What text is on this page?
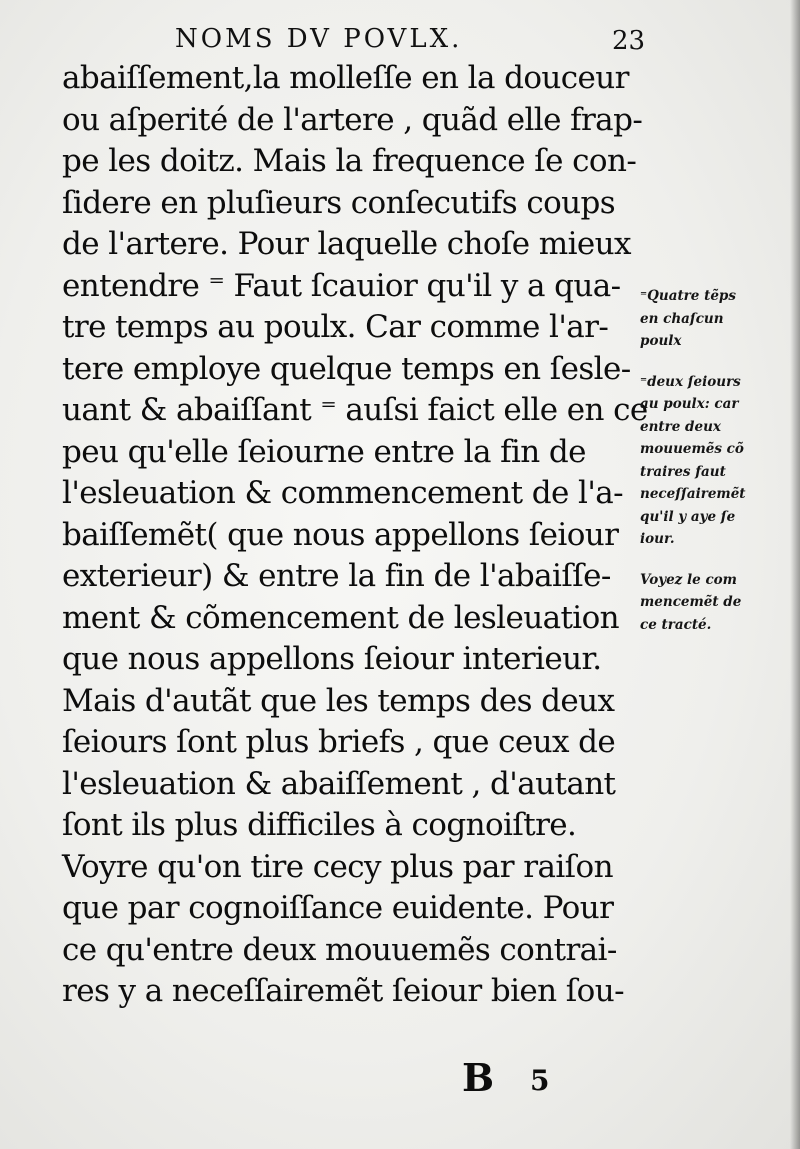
NOMS DV POVLX.	23
abaiſſement,la molleſſe en la douceur
ou aſperité de l'artere , quãd elle frap-
pe les doitz. Mais la frequence ſe con-
ſidere en pluſieurs conſecutifs coups
de l'artere. Pour laquelle choſe mieux
entendre ⁼ Faut ſcauior qu'il y a qua-
tre temps au poulx. Car comme l'ar-
tere employe quelque temps en ſesle-
uant & abaiſſant ⁼ auſsi faict elle en ce
peu qu'elle ſeiourne entre la fin de
l'esleuation & commencement de l'a-
baiſſemẽt( que nous appellons ſeiour
exterieur) & entre la fin de l'abaiſſe-
ment & cõmencement de lesleuation
que nous appellons ſeiour interieur.
Mais d'autãt que les temps des deux
ſeiours ſont plus briefs , que ceux de
l'esleuation & abaiſſement , d'autant
ſont ils plus difficiles à cognoiſtre.
Voyre qu'on tire cecy plus par raiſon
que par cognoiſſance euidente. Pour
ce qu'entre deux mouuemẽs contrai-
res y a neceſſairemẽt ſeiour bien ſou-
⁼Quatre tẽps
en chaſcun
poulx
⁼deux ſeiours
au poulx: car
entre deux
mouuemẽs cõ
traires faut
neceſſairemẽt
qu'il y aye ſe
iour.
Voyez le com
mencemẽt de
ce tracté.
B 5
